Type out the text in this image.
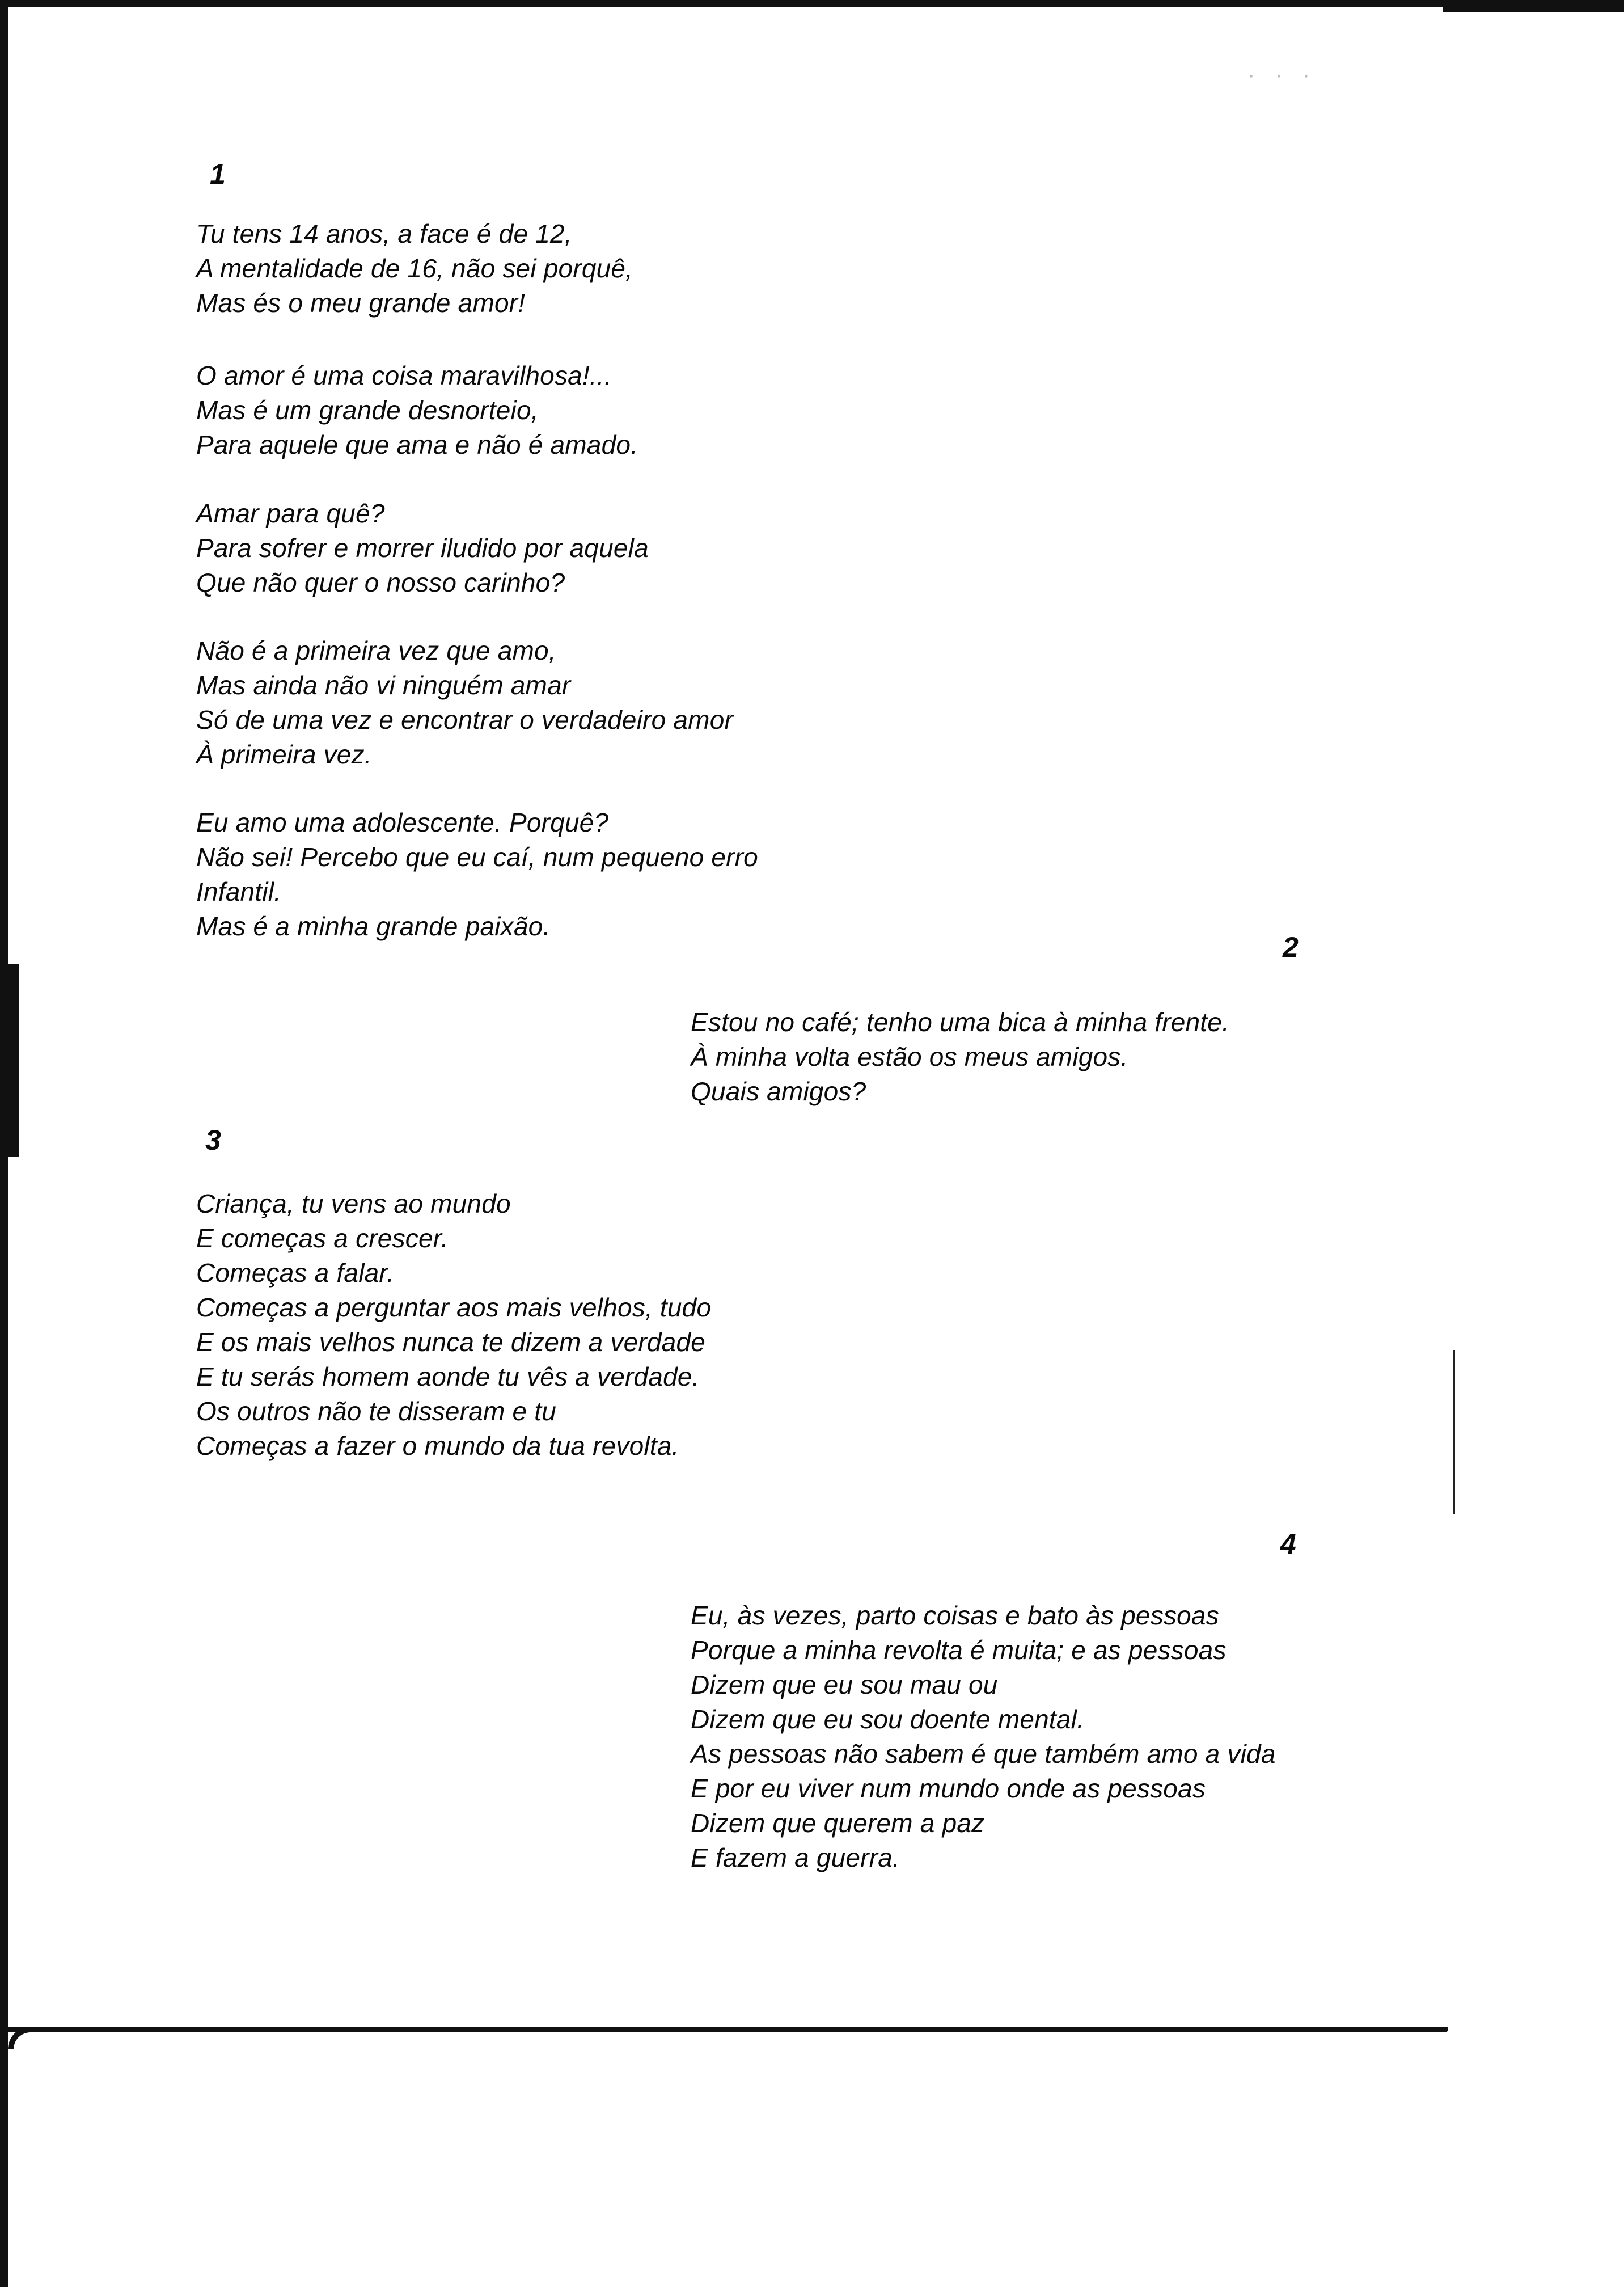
· · ·
1
Tu tens 14 anos, a face é de 12,
A mentalidade de 16, não sei porquê,
Mas és o meu grande amor!
O amor é uma coisa maravilhosa!...
Mas é um grande desnorteio,
Para aquele que ama e não é amado.
Amar para quê?
Para sofrer e morrer iludido por aquela
Que não quer o nosso carinho?
Não é a primeira vez que amo,
Mas ainda não vi ninguém amar
Só de uma vez e encontrar o verdadeiro amor
À primeira vez.
Eu amo uma adolescente. Porquê?
Não sei! Percebo que eu caí, num pequeno erro
Infantil.
Mas é a minha grande paixão.
2
Estou no café; tenho uma bica à minha frente.
À minha volta estão os meus amigos.
Quais amigos?
3
Criança, tu vens ao mundo
E começas a crescer.
Começas a falar.
Começas a perguntar aos mais velhos, tudo
E os mais velhos nunca te dizem a verdade
E tu serás homem aonde tu vês a verdade.
Os outros não te disseram e tu
Começas a fazer o mundo da tua revolta.
4
Eu, às vezes, parto coisas e bato às pessoas
Porque a minha revolta é muita; e as pessoas
Dizem que eu sou mau ou
Dizem que eu sou doente mental.
As pessoas não sabem é que também amo a vida
E por eu viver num mundo onde as pessoas
Dizem que querem a paz
E fazem a guerra.
